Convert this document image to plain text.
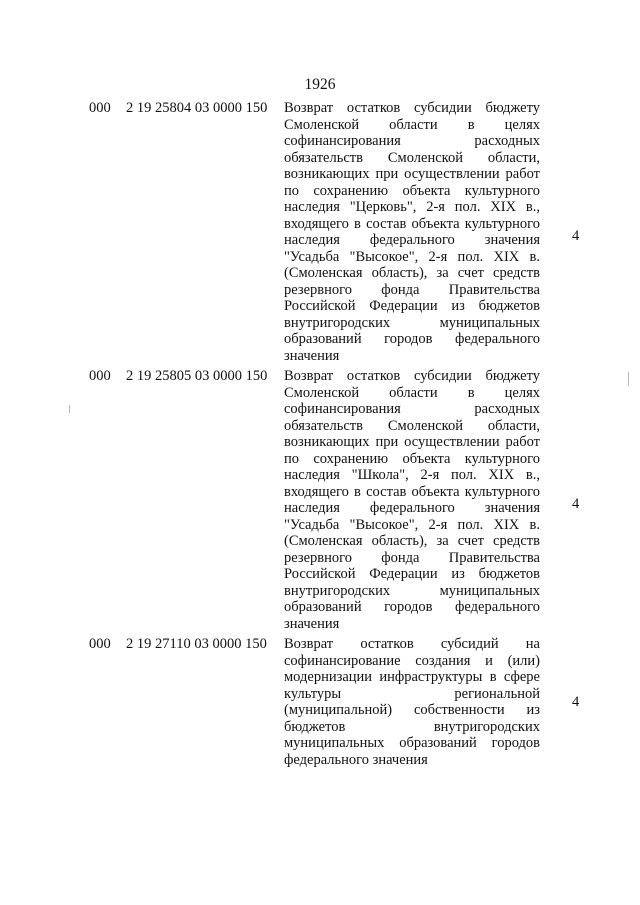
1926
000 2 19 25804 03 0000 150 Возврат остатков субсидии бюджету Смоленской области в целях софинансирования расходных обязательств Смоленской области, возникающих при осуществлении работ по сохранению объекта культурного наследия "Церковь", 2-я пол. XIX в., входящего в состав объекта культурного наследия федерального значения "Усадьба "Высокое", 2-я пол. XIX в. (Смоленская область), за счет средств резервного фонда Правительства Российской Федерации из бюджетов внутригородских муниципальных образований городов федерального значения
4
000 2 19 25805 03 0000 150 Возврат остатков субсидии бюджету Смоленской области в целях софинансирования расходных обязательств Смоленской области, возникающих при осуществлении работ по сохранению объекта культурного наследия "Школа", 2-я пол. XIX в., входящего в состав объекта культурного наследия федерального значения "Усадьба "Высокое", 2-я пол. XIX в. (Смоленская область), за счет средств резервного фонда Правительства Российской Федерации из бюджетов внутригородских муниципальных образований городов федерального значения
4
000 2 19 27110 03 0000 150 Возврат остатков субсидий на софинансирование создания и (или) модернизации инфраструктуры в сфере культуры региональной (муниципальной) собственности из бюджетов внутригородских муниципальных образований городов федерального значения
4
